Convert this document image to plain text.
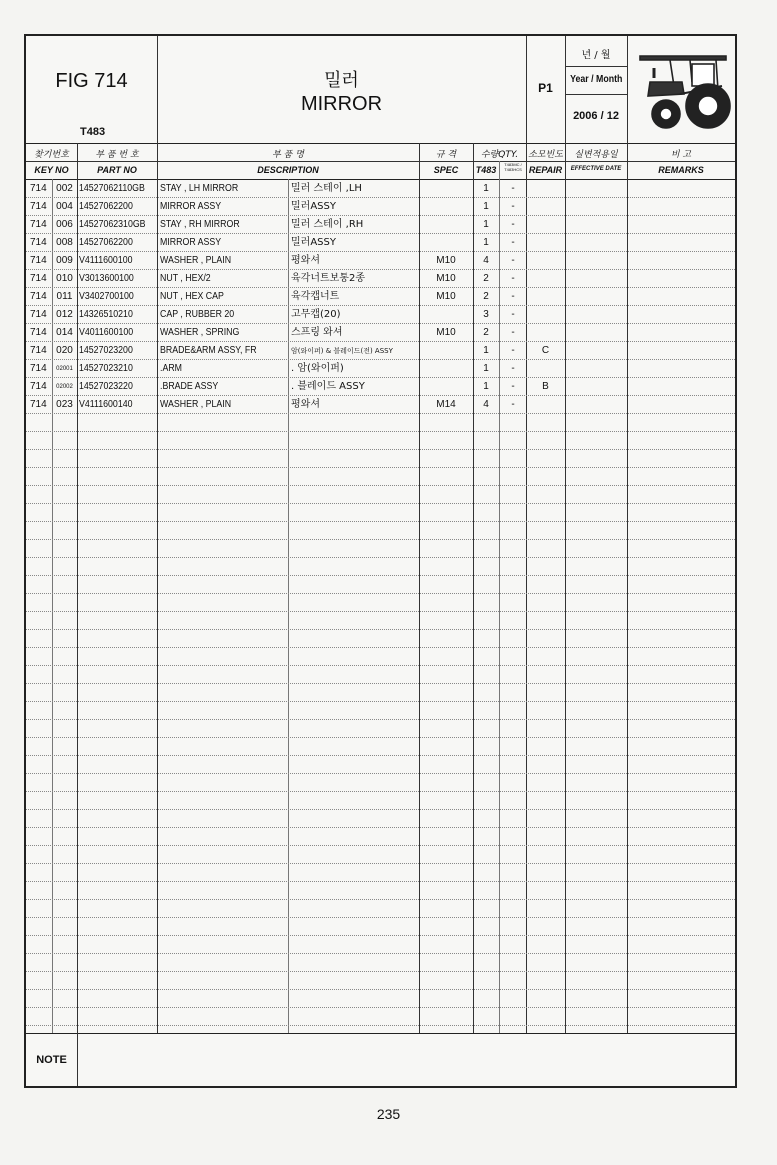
FIG 714
T483
밀러
MIRROR
P1
년 / 월
Year / Month
2006 / 12
찾기번호
KEY NO
부 품 번 호
PART NO
부 품 명
DESCRIPTION
규 격
SPEC
수량QTY.
T483
T483MC / T483HCS
소모빈도
REPAIR
실변적용일
EFFECTIVE DATE
비 고
REMARKS
714 002 14527062110GB STAY , LH MIRROR	밀러 스테이 ,LH	1	-
714 004 14527062200	MIRROR ASSY	밀러ASSY	1	-
714 006 14527062310GB STAY , RH MIRROR	밀러 스테이 ,RH	1	-
714 008 14527062200	MIRROR ASSY	밀러ASSY	1	-
714 009 V4111600100	WASHER , PLAIN	평와셔	M10	4	-
714 010 V3013600100	NUT , HEX/2	육각너트보통2종	M10	2	-
714 011 V3402700100	NUT , HEX CAP	육각캡너트	M10	2	-
714 012 14326510210	CAP , RUBBER 20	고무캡(20)	3	-
714 014 V4011600100	WASHER , SPRING	스프링 와셔	M10	2	-
714 020 14527023200	BRADE&ARM ASSY, FR	암(와이퍼) & 블레이드(전) ASSY	1	-	C
714	02001 14527023210	.ARM	. 암(와이퍼)	1	-
714	02002 14527023220	.BRADE ASSY	. 블레이드 ASSY	1	-	B
714 023 V4111600140	WASHER , PLAIN	평와셔	M14	4	-
NOTE
235
